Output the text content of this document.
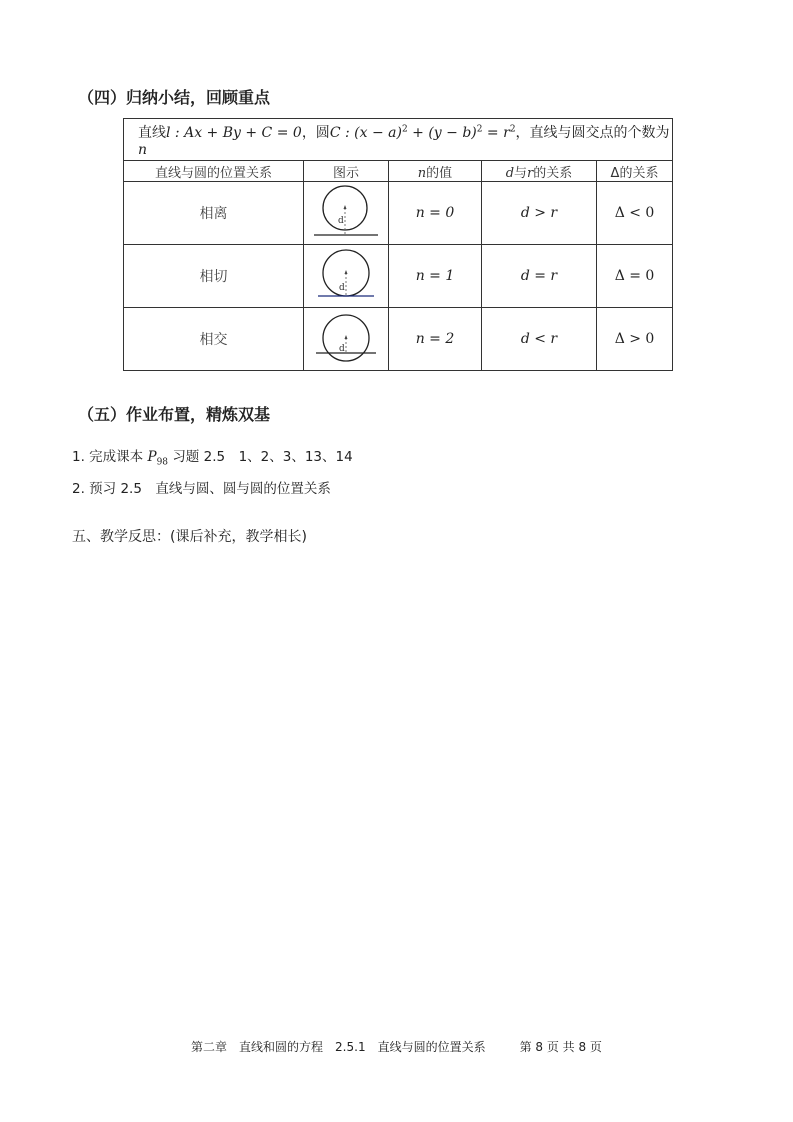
（四）归纳小结，回顾重点
直线l : Ax + By + C = 0，圆C : $(x - a)^2 + (y - b)^2 = r^2$，直线与圆交点的个数为n				
直线与圆的位置关系	图示	n的值	d与r的关系	Δ的关系
相离	d	n = 0	d > r	Δ < 0
相切	d	n = 1	d = r	Δ = 0
相交	d	n = 2	d < r	Δ > 0
（五）作业布置，精炼双基
1. 完成课本 $P_{98}$ 习题 2.5　1、2、3、13、14
2. 预习 2.5　直线与圆、圆与圆的位置关系
五、教学反思：(课后补充，教学相长)
第二章　直线和圆的方程　2.5.1　直线与圆的位置关系	第 8 页 共 8 页
